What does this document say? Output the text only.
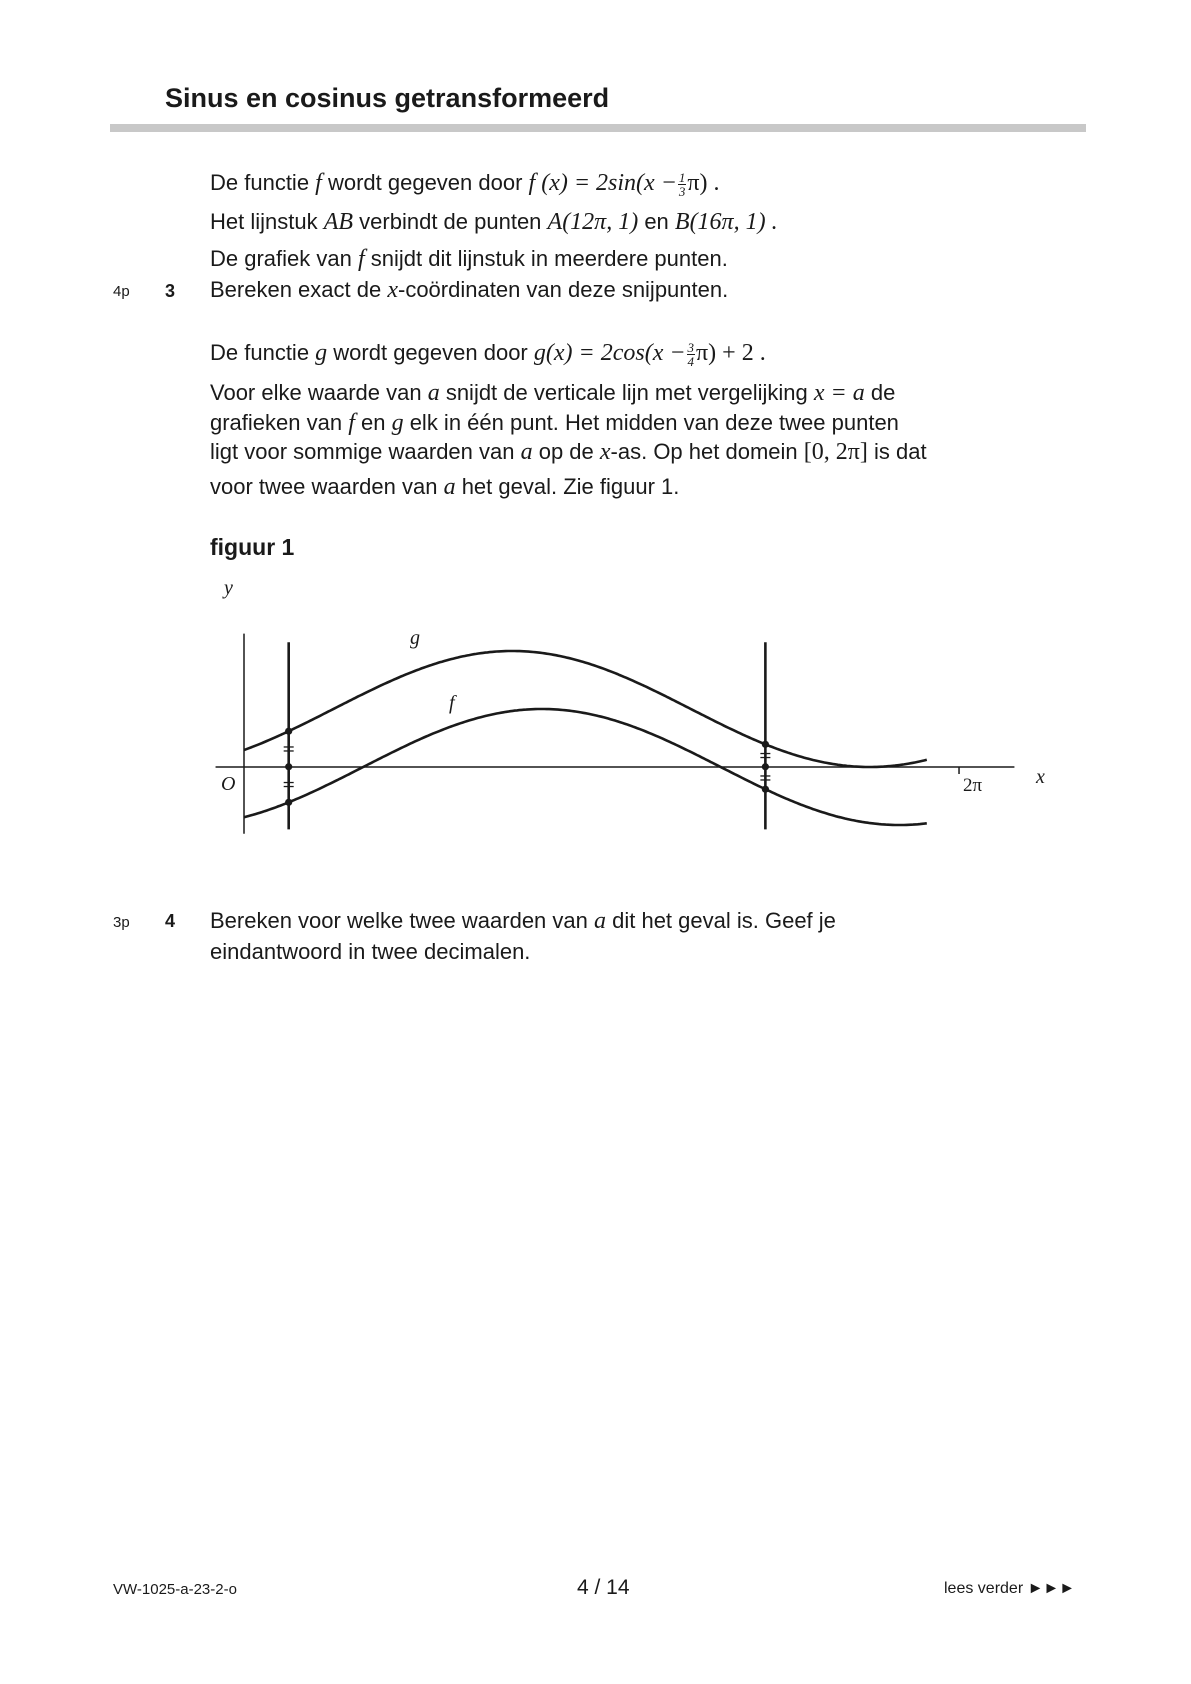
Sinus en cosinus getransformeerd
De functie f wordt gegeven door f $(x) = 2\sin(x - \frac{1}{3} \pi)$ .
Het lijnstuk AB verbindt de punten A(12π, 1) en B(16π, 1) .
De grafiek van f snijdt dit lijnstuk in meerdere punten.
4p 3 Bereken exact de x-coördinaten van deze snijpunten.
De functie g wordt gegeven door $g(x) = 2\cos(x - \frac{3}{4} \pi) + 2$ .
Voor elke waarde van a snijdt de verticale lijn met vergelijking x = a de
grafieken van f en g elk in één punt. Het midden van deze twee punten
ligt voor sommige waarden van a op de x-as. Op het domein [0, 2π] is dat
voor twee waarden van a het geval. Zie figuur 1.
figuur 1
y
x
O	2π
g
f
3p 4 Bereken voor welke twee waarden van a dit het geval is. Geef je
eindantwoord in twee decimalen.
VW-1025-a-23-2-o	4 / 14	lees verder ►►►
